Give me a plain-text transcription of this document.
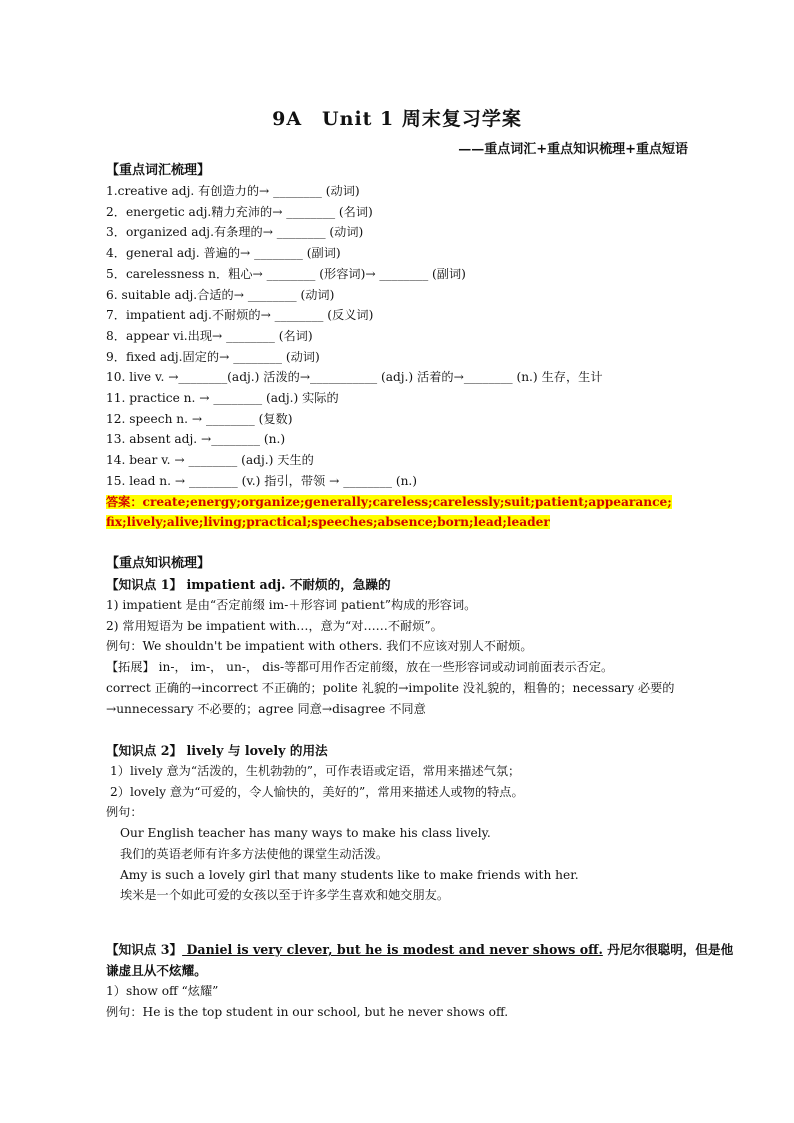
9A　Unit 1 周末复习学案
——重点词汇+重点知识梳理+重点短语
【重点词汇梳理】
1.creative adj. 有创造力的→ ________ (动词)
2．energetic adj.精力充沛的→ ________ (名词)
3．organized adj.有条理的→ ________ (动词)
4．general adj. 普遍的→ ________ (副词)
5．carelessness n．粗心→ ________ (形容词)→ ________ (副词)
6. suitable adj.合适的→ ________ (动词)
7．impatient adj.不耐烦的→ ________ (反义词)
8．appear vi.出现→ ________ (名词)
9．fixed adj.固定的→ ________ (动词)
10. live v. →________(adj.) 活泼的→___________ (adj.) 活着的→________ (n.) 生存，生计
11. practice n. → ________ (adj.) 实际的
12. speech n. → ________ (复数)
13. absent adj. →________ (n.)
14. bear v. → ________ (adj.) 天生的
15. lead n. → ________ (v.) 指引，带领 → ________ (n.)
答案：create;energy;organize;generally;careless;carelessly;suit;patient;appearance;
fix;lively;alive;living;practical;speeches;absence;born;lead;leader
【重点知识梳理】
【知识点 1】 impatient adj. 不耐烦的，急躁的
1) impatient 是由“否定前缀 im-＋形容词 patient”构成的形容词。
2) 常用短语为 be impatient with…，意为“对……不耐烦”。
例句：We shouldn't be impatient with others. 我们不应该对别人不耐烦。
【拓展】 in-， im-， un-， dis-等都可用作否定前缀，放在一些形容词或动词前面表示否定。
correct 正确的→incorrect 不正确的；polite 礼貌的→impolite 没礼貌的，粗鲁的；necessary 必要的
→unnecessary 不必要的；agree 同意→disagree 不同意
【知识点 2】 lively 与 lovely 的用法
1）lively 意为“活泼的，生机勃勃的”，可作表语或定语，常用来描述气氛；
2）lovely 意为“可爱的，令人愉快的，美好的”，常用来描述人或物的特点。
例句：
Our English teacher has many ways to make his class lively.
我们的英语老师有许多方法使他的课堂生动活泼。
Amy is such a lovely girl that many students like to make friends with her.
埃米是一个如此可爱的女孩以至于许多学生喜欢和她交朋友。
【知识点 3】 Daniel is very clever, but he is modest and never shows off. 丹尼尔很聪明，但是他
谦虚且从不炫耀。
1）show off “炫耀”
例句：He is the top student in our school, but he never shows off.
